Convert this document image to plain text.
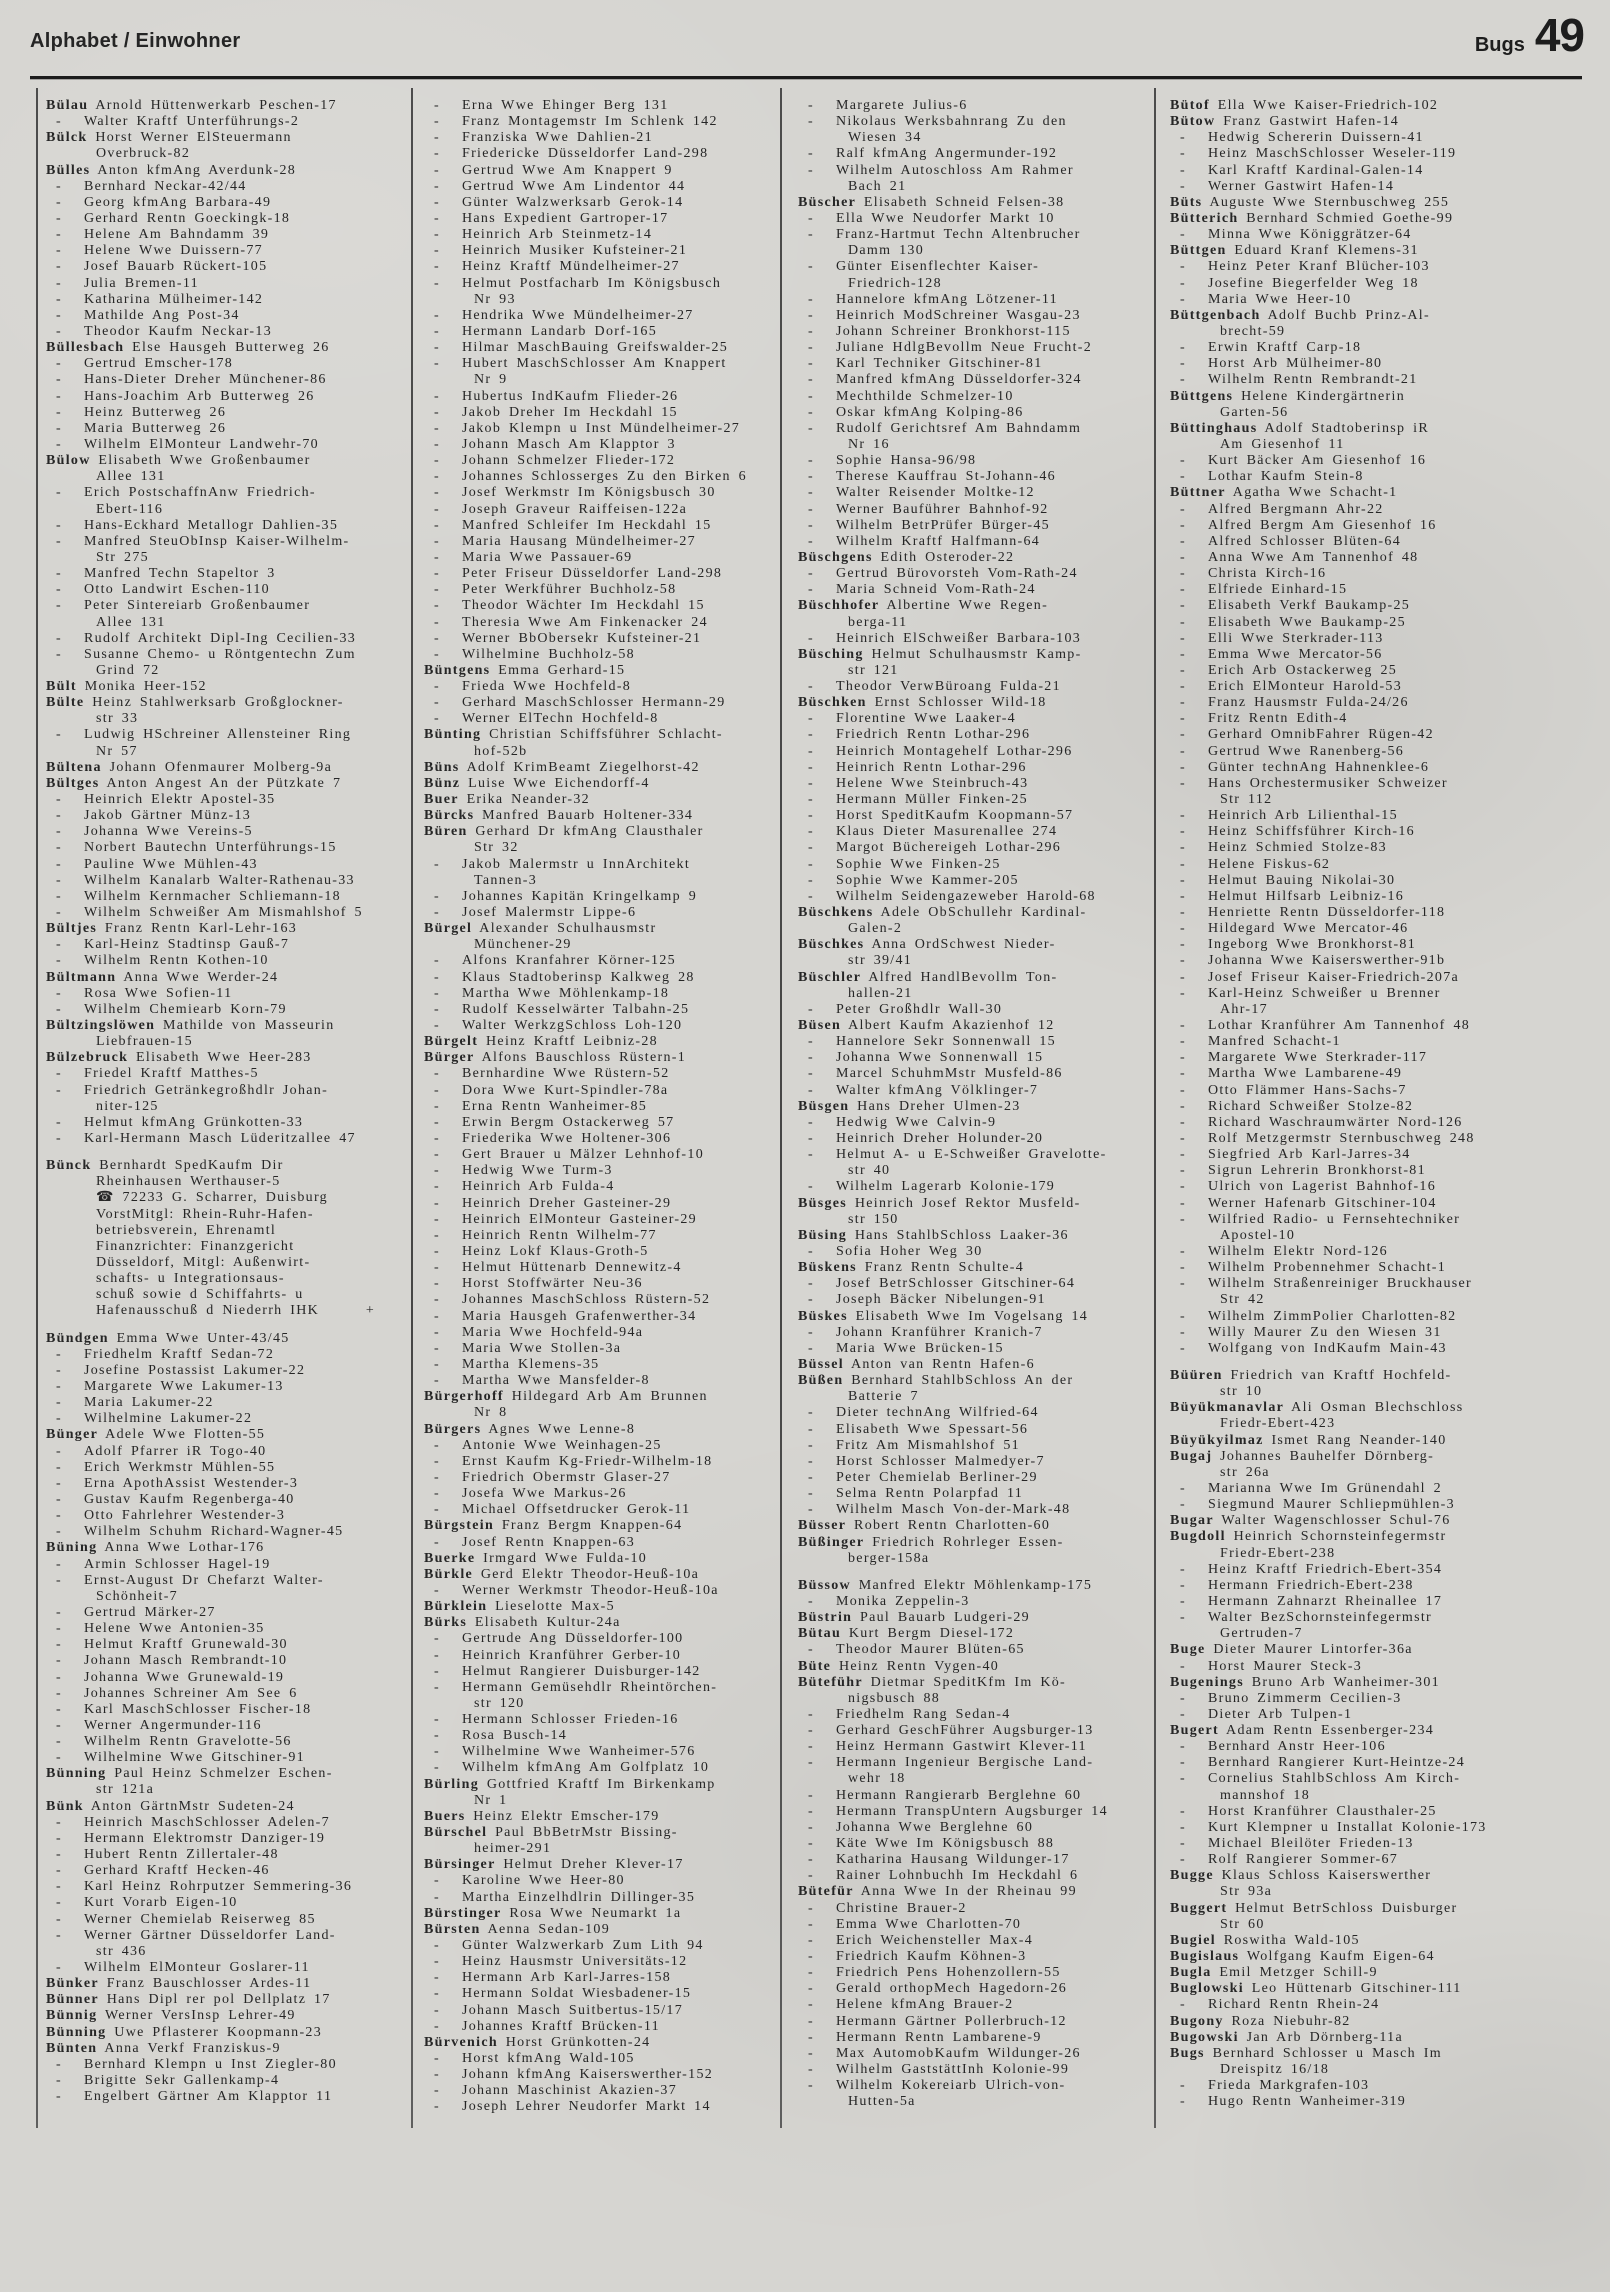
Alphabet / Einwohner	Bugs 49
Bülau Arnold Hüttenwerkarb Peschen-17
- Walter Kraftf Unterführungs-2
Bülck Horst Werner ElSteuermann
Overbruck-82
Bülles Anton kfmAng Averdunk-28
- Bernhard Neckar-42/44
- Georg kfmAng Barbara-49
- Gerhard Rentn Goeckingk-18
- Helene Am Bahndamm 39
- Helene Wwe Duissern-77
- Josef Bauarb Rückert-105
- Julia Bremen-11
- Katharina Mülheimer-142
- Mathilde Ang Post-34
- Theodor Kaufm Neckar-13
Büllesbach Else Hausgeh Butterweg 26
- Gertrud Emscher-178
- Hans-Dieter Dreher Münchener-86
- Hans-Joachim Arb Butterweg 26
- Heinz Butterweg 26
- Maria Butterweg 26
- Wilhelm ElMonteur Landwehr-70
Bülow Elisabeth Wwe Großenbaumer
Allee 131
- Erich PostschaffnAnw Friedrich-
Ebert-116
- Hans-Eckhard Metallogr Dahlien-35
- Manfred SteuObInsp Kaiser-Wilhelm-
Str 275
- Manfred Techn Stapeltor 3
- Otto Landwirt Eschen-110
- Peter Sintereiarb Großenbaumer
Allee 131
- Rudolf Architekt Dipl-Ing Cecilien-33
- Susanne Chemo- u Röntgentechn Zum
Grind 72
Bült Monika Heer-152
Bülte Heinz Stahlwerksarb Großglockner-
str 33
- Ludwig HSchreiner Allensteiner Ring
Nr 57
Bültena Johann Ofenmaurer Molberg-9a
Bültges Anton Angest An der Pützkate 7
- Heinrich Elektr Apostel-35
- Jakob Gärtner Münz-13
- Johanna Wwe Vereins-5
- Norbert Bautechn Unterführungs-15
- Pauline Wwe Mühlen-43
- Wilhelm Kanalarb Walter-Rathenau-33
- Wilhelm Kernmacher Schliemann-18
- Wilhelm Schweißer Am Mismahlshof 5
Bültjes Franz Rentn Karl-Lehr-163
- Karl-Heinz Stadtinsp Gauß-7
- Wilhelm Rentn Kothen-10
Bültmann Anna Wwe Werder-24
- Rosa Wwe Sofien-11
- Wilhelm Chemiearb Korn-79
Bültzingslöwen Mathilde von Masseurin
Liebfrauen-15
Bülzebruck Elisabeth Wwe Heer-283
- Friedel Kraftf Matthes-5
- Friedrich Getränkegroßhdlr Johan-
niter-125
- Helmut kfmAng Grünkotten-33
- Karl-Hermann Masch Lüderitzallee 47
Bünck Bernhardt SpedKaufm Dir
Rheinhausen Werthauser-5
☎ 72233 G. Scharrer, Duisburg
VorstMitgl: Rhein-Ruhr-Hafen-
betriebsverein, Ehrenamtl
Finanzrichter: Finanzgericht
Düsseldorf, Mitgl: Außenwirt-
schafts- u Integrationsaus-
schuß sowie d Schiffahrts- u
Hafenausschuß d Niederrh IHK      +
Bündgen Emma Wwe Unter-43/45
- Friedhelm Kraftf Sedan-72
- Josefine Postassist Lakumer-22
- Margarete Wwe Lakumer-13
- Maria Lakumer-22
- Wilhelmine Lakumer-22
Bünger Adele Wwe Flotten-55
- Adolf Pfarrer iR Togo-40
- Erich Werkmstr Mühlen-55
- Erna ApothAssist Westender-3
- Gustav Kaufm Regenberga-40
- Otto Fahrlehrer Westender-3
- Wilhelm Schuhm Richard-Wagner-45
Büning Anna Wwe Lothar-176
- Armin Schlosser Hagel-19
- Ernst-August Dr Chefarzt Walter-
Schönheit-7
- Gertrud Märker-27
- Helene Wwe Antonien-35
- Helmut Kraftf Grunewald-30
- Johann Masch Rembrandt-10
- Johanna Wwe Grunewald-19
- Johannes Schreiner Am See 6
- Karl MaschSchlosser Fischer-18
- Werner Angermunder-116
- Wilhelm Rentn Gravelotte-56
- Wilhelmine Wwe Gitschiner-91
Bünning Paul Heinz Schmelzer Eschen-
str 121a
Bünk Anton GärtnMstr Sudeten-24
- Heinrich MaschSchlosser Adelen-7
- Hermann Elektromstr Danziger-19
- Hubert Rentn Zillertaler-48
- Gerhard Kraftf Hecken-46
- Karl Heinz Rohrputzer Semmering-36
- Kurt Vorarb Eigen-10
- Werner Chemielab Reiserweg 85
- Werner Gärtner Düsseldorfer Land-
str 436
- Wilhelm ElMonteur Goslarer-11
Bünker Franz Bauschlosser Ardes-11
Bünner Hans Dipl rer pol Dellplatz 17
Bünnig Werner VersInsp Lehrer-49
Bünning Uwe Pflasterer Koopmann-23
Bünten Anna Verkf Franziskus-9
- Bernhard Klempn u Inst Ziegler-80
- Brigitte Sekr Gallenkamp-4
- Engelbert Gärtner Am Klapptor 11
- Erna Wwe Ehinger Berg 131
- Franz Montagemstr Im Schlenk 142
- Franziska Wwe Dahlien-21
- Friedericke Düsseldorfer Land-298
- Gertrud Wwe Am Knappert 9
- Gertrud Wwe Am Lindentor 44
- Günter Walzwerksarb Gerok-14
- Hans Expedient Gartroper-17
- Heinrich Arb Steinmetz-14
- Heinrich Musiker Kufsteiner-21
- Heinz Kraftf Mündelheimer-27
- Helmut Postfacharb Im Königsbusch
Nr 93
- Hendrika Wwe Mündelheimer-27
- Hermann Landarb Dorf-165
- Hilmar MaschBauing Greifswalder-25
- Hubert MaschSchlosser Am Knappert
Nr 9
- Hubertus IndKaufm Flieder-26
- Jakob Dreher Im Heckdahl 15
- Jakob Klempn u Inst Mündelheimer-27
- Johann Masch Am Klapptor 3
- Johann Schmelzer Flieder-172
- Johannes Schlosserges Zu den Birken 6
- Josef Werkmstr Im Königsbusch 30
- Joseph Graveur Raiffeisen-122a
- Manfred Schleifer Im Heckdahl 15
- Maria Hausang Mündelheimer-27
- Maria Wwe Passauer-69
- Peter Friseur Düsseldorfer Land-298
- Peter Werkführer Buchholz-58
- Theodor Wächter Im Heckdahl 15
- Theresia Wwe Am Finkenacker 24
- Werner BbObersekr Kufsteiner-21
- Wilhelmine Buchholz-58
Büntgens Emma Gerhard-15
- Frieda Wwe Hochfeld-8
- Gerhard MaschSchlosser Hermann-29
- Werner ElTechn Hochfeld-8
Bünting Christian Schiffsführer Schlacht-
hof-52b
Büns Adolf KrimBeamt Ziegelhorst-42
Bünz Luise Wwe Eichendorff-4
Buer Erika Neander-32
Bürcks Manfred Bauarb Holtener-334
Büren Gerhard Dr kfmAng Clausthaler
Str 32
- Jakob Malermstr u InnArchitekt
Tannen-3
- Johannes Kapitän Kringelkamp 9
- Josef Malermstr Lippe-6
Bürgel Alexander Schulhausmstr
Münchener-29
- Alfons Kranfahrer Körner-125
- Klaus Stadtoberinsp Kalkweg 28
- Martha Wwe Möhlenkamp-18
- Rudolf Kesselwärter Talbahn-25
- Walter WerkzgSchloss Loh-120
Bürgelt Heinz Kraftf Leibniz-28
Bürger Alfons Bauschloss Rüstern-1
- Bernhardine Wwe Rüstern-52
- Dora Wwe Kurt-Spindler-78a
- Erna Rentn Wanheimer-85
- Erwin Bergm Ostackerweg 57
- Friederika Wwe Holtener-306
- Gert Brauer u Mälzer Lehnhof-10
- Hedwig Wwe Turm-3
- Heinrich Arb Fulda-4
- Heinrich Dreher Gasteiner-29
- Heinrich ElMonteur Gasteiner-29
- Heinrich Rentn Wilhelm-77
- Heinz Lokf Klaus-Groth-5
- Helmut Hüttenarb Dennewitz-4
- Horst Stoffwärter Neu-36
- Johannes MaschSchloss Rüstern-52
- Maria Hausgeh Grafenwerther-34
- Maria Wwe Hochfeld-94a
- Maria Wwe Stollen-3a
- Martha Klemens-35
- Martha Wwe Mansfelder-8
Bürgerhoff Hildegard Arb Am Brunnen
Nr 8
Bürgers Agnes Wwe Lenne-8
- Antonie Wwe Weinhagen-25
- Ernst Kaufm Kg-Friedr-Wilhelm-18
- Friedrich Obermstr Glaser-27
- Josefa Wwe Markus-26
- Michael Offsetdrucker Gerok-11
Bürgstein Franz Bergm Knappen-64
- Josef Rentn Knappen-63
Buerke Irmgard Wwe Fulda-10
Bürkle Gerd Elektr Theodor-Heuß-10a
- Werner Werkmstr Theodor-Heuß-10a
Bürklein Lieselotte Max-5
Bürks Elisabeth Kultur-24a
- Gertrude Ang Düsseldorfer-100
- Heinrich Kranführer Gerber-10
- Helmut Rangierer Duisburger-142
- Hermann Gemüsehdlr Rheintörchen-
str 120
- Hermann Schlosser Frieden-16
- Rosa Busch-14
- Wilhelmine Wwe Wanheimer-576
- Wilhelm kfmAng Am Golfplatz 10
Bürling Gottfried Kraftf Im Birkenkamp
Nr 1
Buers Heinz Elektr Emscher-179
Bürschel Paul BbBetrMstr Bissing-
heimer-291
Bürsinger Helmut Dreher Klever-17
- Karoline Wwe Heer-80
- Martha Einzelhdlrin Dillinger-35
Bürstinger Rosa Wwe Neumarkt 1a
Bürsten Aenna Sedan-109
- Günter Walzwerkarb Zum Lith 94
- Heinz Hausmstr Universitäts-12
- Hermann Arb Karl-Jarres-158
- Hermann Soldat Wiesbadener-15
- Johann Masch Suitbertus-15/17
- Johannes Kraftf Brücken-11
Bürvenich Horst Grünkotten-24
- Horst kfmAng Wald-105
- Johann kfmAng Kaiserswerther-152
- Johann Maschinist Akazien-37
- Joseph Lehrer Neudorfer Markt 14
- Margarete Julius-6
- Nikolaus Werksbahnrang Zu den
Wiesen 34
- Ralf kfmAng Angermunder-192
- Wilhelm Autoschloss Am Rahmer
Bach 21
Büscher Elisabeth Schneid Felsen-38
- Ella Wwe Neudorfer Markt 10
- Franz-Hartmut Techn Altenbrucher
Damm 130
- Günter Eisenflechter Kaiser-
Friedrich-128
- Hannelore kfmAng Lötzener-11
- Heinrich ModSchreiner Wasgau-23
- Johann Schreiner Bronkhorst-115
- Juliane HdlgBevollm Neue Frucht-2
- Karl Techniker Gitschiner-81
- Manfred kfmAng Düsseldorfer-324
- Mechthilde Schmelzer-10
- Oskar kfmAng Kolping-86
- Rudolf Gerichtsref Am Bahndamm
Nr 16
- Sophie Hansa-96/98
- Therese Kauffrau St-Johann-46
- Walter Reisender Moltke-12
- Werner Bauführer Bahnhof-92
- Wilhelm BetrPrüfer Bürger-45
- Wilhelm Kraftf Halfmann-64
Büschgens Edith Osteroder-22
- Gertrud Bürovorsteh Vom-Rath-24
- Maria Schneid Vom-Rath-24
Büschhofer Albertine Wwe Regen-
berga-11
- Heinrich ElSchweißer Barbara-103
Büsching Helmut Schulhausmstr Kamp-
str 121
- Theodor VerwBüroang Fulda-21
Büschken Ernst Schlosser Wild-18
- Florentine Wwe Laaker-4
- Friedrich Rentn Lothar-296
- Heinrich Montagehelf Lothar-296
- Heinrich Rentn Lothar-296
- Helene Wwe Steinbruch-43
- Hermann Müller Finken-25
- Horst SpeditKaufm Koopmann-57
- Klaus Dieter Masurenallee 274
- Margot Büchereigeh Lothar-296
- Sophie Wwe Finken-25
- Sophie Wwe Kammer-205
- Wilhelm Seidengazeweber Harold-68
Büschkens Adele ObSchullehr Kardinal-
Galen-2
Büschkes Anna OrdSchwest Nieder-
str 39/41
Büschler Alfred HandlBevollm Ton-
hallen-21
- Peter Großhdlr Wall-30
Büsen Albert Kaufm Akazienhof 12
- Hannelore Sekr Sonnenwall 15
- Johanna Wwe Sonnenwall 15
- Marcel SchuhmMstr Musfeld-86
- Walter kfmAng Völklinger-7
Büsgen Hans Dreher Ulmen-23
- Hedwig Wwe Calvin-9
- Heinrich Dreher Holunder-20
- Helmut A- u E-Schweißer Gravelotte-
str 40
- Wilhelm Lagerarb Kolonie-179
Büsges Heinrich Josef Rektor Musfeld-
str 150
Büsing Hans StahlbSchloss Laaker-36
- Sofia Hoher Weg 30
Büskens Franz Rentn Schulte-4
- Josef BetrSchlosser Gitschiner-64
- Joseph Bäcker Nibelungen-91
Büskes Elisabeth Wwe Im Vogelsang 14
- Johann Kranführer Kranich-7
- Maria Wwe Brücken-15
Büssel Anton van Rentn Hafen-6
Büßen Bernhard StahlbSchloss An der
Batterie 7
- Dieter technAng Wilfried-64
- Elisabeth Wwe Spessart-56
- Fritz Am Mismahlshof 51
- Horst Schlosser Malmedyer-7
- Peter Chemielab Berliner-29
- Selma Rentn Polarpfad 11
- Wilhelm Masch Von-der-Mark-48
Büsser Robert Rentn Charlotten-60
Büßinger Friedrich Rohrleger Essen-
berger-158a
Büssow Manfred Elektr Möhlenkamp-175
- Monika Zeppelin-3
Büstrin Paul Bauarb Ludgeri-29
Bütau Kurt Bergm Diesel-172
- Theodor Maurer Blüten-65
Büte Heinz Rentn Vygen-40
Büteführ Dietmar SpeditKfm Im Kö-
nigsbusch 88
- Friedhelm Rang Sedan-4
- Gerhard GeschFührer Augsburger-13
- Heinz Hermann Gastwirt Klever-11
- Hermann Ingenieur Bergische Land-
wehr 18
- Hermann Rangierarb Berglehne 60
- Hermann TranspUntern Augsburger 14
- Johanna Wwe Berglehne 60
- Käte Wwe Im Königsbusch 88
- Katharina Hausang Wildunger-17
- Rainer Lohnbuchh Im Heckdahl 6
Bütefür Anna Wwe In der Rheinau 99
- Christine Brauer-2
- Emma Wwe Charlotten-70
- Erich Weichensteller Max-4
- Friedrich Kaufm Köhnen-3
- Friedrich Pens Hohenzollern-55
- Gerald orthopMech Hagedorn-26
- Helene kfmAng Brauer-2
- Hermann Gärtner Pollerbruch-12
- Hermann Rentn Lambarene-9
- Max AutomobKaufm Wildunger-26
- Wilhelm GaststättInh Kolonie-99
- Wilhelm Kokereiarb Ulrich-von-
Hutten-5a
Bütof Ella Wwe Kaiser-Friedrich-102
Bütow Franz Gastwirt Hafen-14
- Hedwig Schererin Duissern-41
- Heinz MaschSchlosser Weseler-119
- Karl Kraftf Kardinal-Galen-14
- Werner Gastwirt Hafen-14
Büts Auguste Wwe Sternbuschweg 255
Bütterich Bernhard Schmied Goethe-99
- Minna Wwe Königgrätzer-64
Büttgen Eduard Kranf Klemens-31
- Heinz Peter Kranf Blücher-103
- Josefine Biegerfelder Weg 18
- Maria Wwe Heer-10
Büttgenbach Adolf Buchb Prinz-Al-
brecht-59
- Erwin Kraftf Carp-18
- Horst Arb Mülheimer-80
- Wilhelm Rentn Rembrandt-21
Büttgens Helene Kindergärtnerin
Garten-56
Büttinghaus Adolf Stadtoberinsp iR
Am Giesenhof 11
- Kurt Bäcker Am Giesenhof 16
- Lothar Kaufm Stein-8
Büttner Agatha Wwe Schacht-1
- Alfred Bergmann Ahr-22
- Alfred Bergm Am Giesenhof 16
- Alfred Schlosser Blüten-64
- Anna Wwe Am Tannenhof 48
- Christa Kirch-16
- Elfriede Einhard-15
- Elisabeth Verkf Baukamp-25
- Elisabeth Wwe Baukamp-25
- Elli Wwe Sterkrader-113
- Emma Wwe Mercator-56
- Erich Arb Ostackerweg 25
- Erich ElMonteur Harold-53
- Franz Hausmstr Fulda-24/26
- Fritz Rentn Edith-4
- Gerhard OmnibFahrer Rügen-42
- Gertrud Wwe Ranenberg-56
- Günter technAng Hahnenklee-6
- Hans Orchestermusiker Schweizer
Str 112
- Heinrich Arb Lilienthal-15
- Heinz Schiffsführer Kirch-16
- Heinz Schmied Stolze-83
- Helene Fiskus-62
- Helmut Bauing Nikolai-30
- Helmut Hilfsarb Leibniz-16
- Henriette Rentn Düsseldorfer-118
- Hildegard Wwe Mercator-46
- Ingeborg Wwe Bronkhorst-81
- Johanna Wwe Kaiserswerther-91b
- Josef Friseur Kaiser-Friedrich-207a
- Karl-Heinz Schweißer u Brenner
Ahr-17
- Lothar Kranführer Am Tannenhof 48
- Manfred Schacht-1
- Margarete Wwe Sterkrader-117
- Martha Wwe Lambarene-49
- Otto Flämmer Hans-Sachs-7
- Richard Schweißer Stolze-82
- Richard Waschraumwärter Nord-126
- Rolf Metzgermstr Sternbuschweg 248
- Siegfried Arb Karl-Jarres-34
- Sigrun Lehrerin Bronkhorst-81
- Ulrich von Lagerist Bahnhof-16
- Werner Hafenarb Gitschiner-104
- Wilfried Radio- u Fernsehtechniker
Apostel-10
- Wilhelm Elektr Nord-126
- Wilhelm Probennehmer Schacht-1
- Wilhelm Straßenreiniger Bruckhauser
Str 42
- Wilhelm ZimmPolier Charlotten-82
- Willy Maurer Zu den Wiesen 31
- Wolfgang von IndKaufm Main-43
Büüren Friedrich van Kraftf Hochfeld-
str 10
Büyükmanavlar Ali Osman Blechschloss
Friedr-Ebert-423
Büyükyilmaz Ismet Rang Neander-140
Bugaj Johannes Bauhelfer Dörnberg-
str 26a
- Marianna Wwe Im Grünendahl 2
- Siegmund Maurer Schliepmühlen-3
Bugar Walter Wagenschlosser Schul-76
Bugdoll Heinrich Schornsteinfegermstr
Friedr-Ebert-238
- Heinz Kraftf Friedrich-Ebert-354
- Hermann Friedrich-Ebert-238
- Hermann Zahnarzt Rheinallee 17
- Walter BezSchornsteinfegermstr
Gertruden-7
Buge Dieter Maurer Lintorfer-36a
- Horst Maurer Steck-3
Bugenings Bruno Arb Wanheimer-301
- Bruno Zimmerm Cecilien-3
- Dieter Arb Tulpen-1
Bugert Adam Rentn Essenberger-234
- Bernhard Anstr Heer-106
- Bernhard Rangierer Kurt-Heintze-24
- Cornelius StahlbSchloss Am Kirch-
mannshof 18
- Horst Kranführer Clausthaler-25
- Kurt Klempner u Installat Kolonie-173
- Michael Bleilöter Frieden-13
- Rolf Rangierer Sommer-67
Bugge Klaus Schloss Kaiserswerther
Str 93a
Buggert Helmut BetrSchloss Duisburger
Str 60
Bugiel Roswitha Wald-105
Bugislaus Wolfgang Kaufm Eigen-64
Bugla Emil Metzger Schill-9
Buglowski Leo Hüttenarb Gitschiner-111
- Richard Rentn Rhein-24
Bugony Roza Niebuhr-82
Bugowski Jan Arb Dörnberg-11a
Bugs Bernhard Schlosser u Masch Im
Dreispitz 16/18
- Frieda Markgrafen-103
- Hugo Rentn Wanheimer-319
